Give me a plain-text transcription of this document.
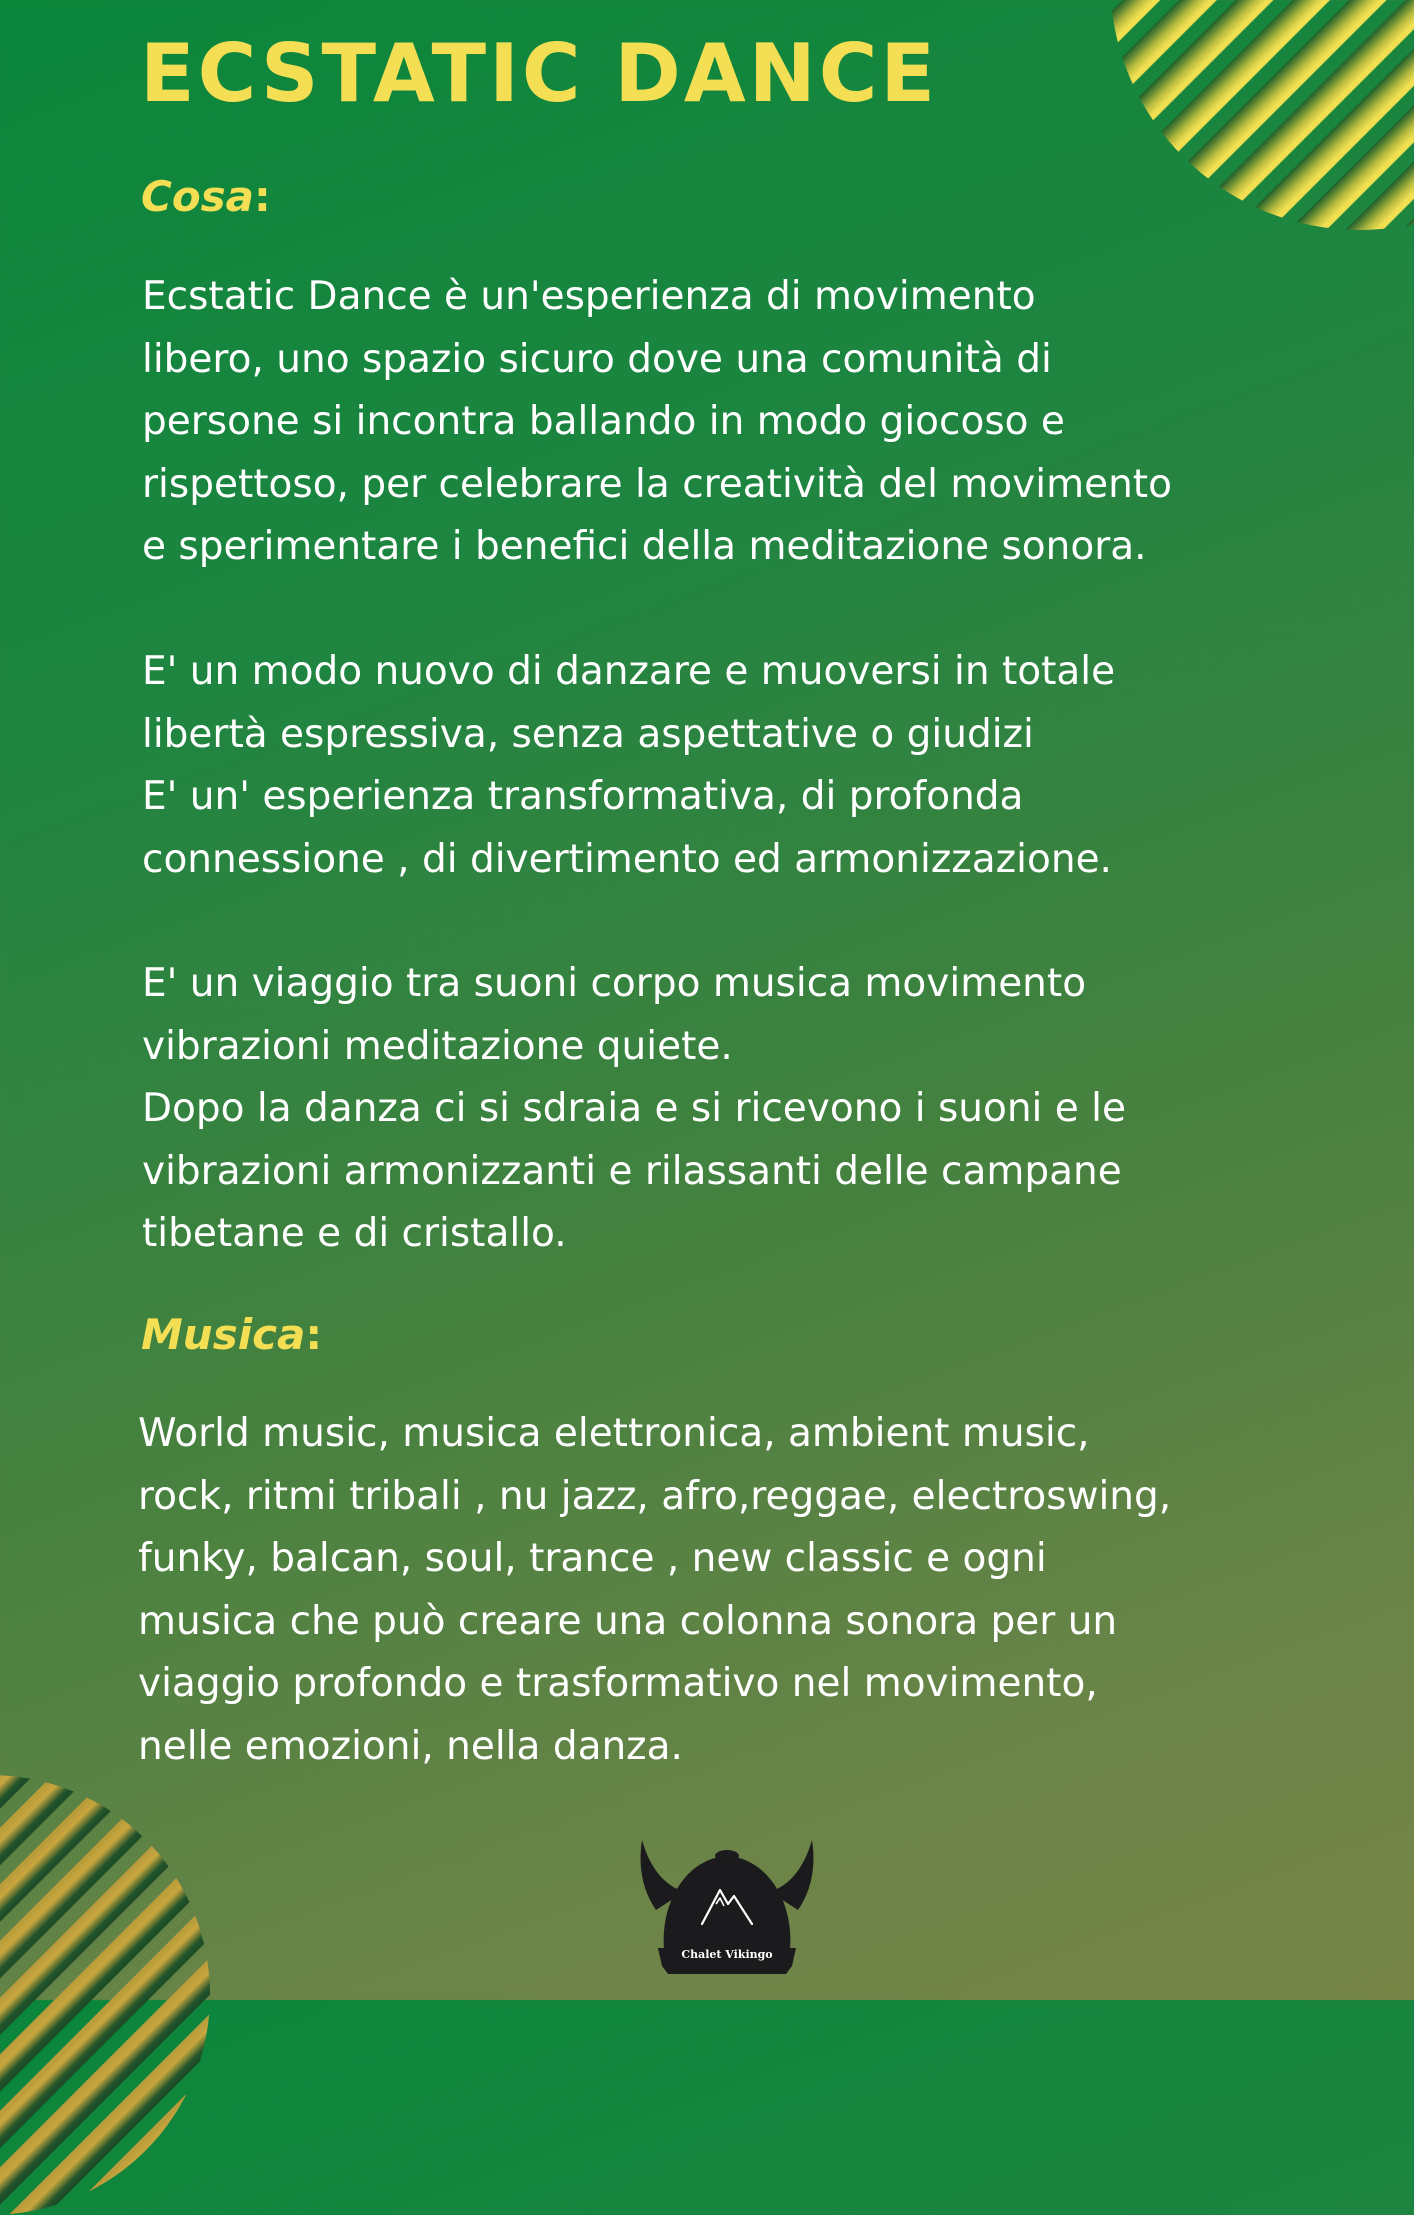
ECSTATIC DANCE
Cosa:
Ecstatic Dance è un'esperienza di movimento
libero, uno spazio sicuro dove una comunità di
persone si incontra ballando in modo giocoso e
rispettoso, per celebrare la creatività del movimento
e sperimentare i benefici della meditazione sonora.
E' un modo nuovo di danzare e muoversi in totale
libertà espressiva, senza aspettative o giudizi
E' un' esperienza transformativa, di profonda
connessione , di divertimento ed armonizzazione.
E' un viaggio tra suoni corpo musica movimento
vibrazioni meditazione quiete.
Dopo la danza ci si sdraia e si ricevono i suoni e le
vibrazioni armonizzanti e rilassanti delle campane
tibetane e di cristallo.
Musica:
World music, musica elettronica, ambient music,
rock, ritmi tribali , nu jazz, afro,reggae, electroswing,
funky, balcan, soul, trance , new classic e ogni
musica che può creare una colonna sonora per un
viaggio profondo e trasformativo nel movimento,
nelle emozioni, nella danza.
Chalet Vikingo
